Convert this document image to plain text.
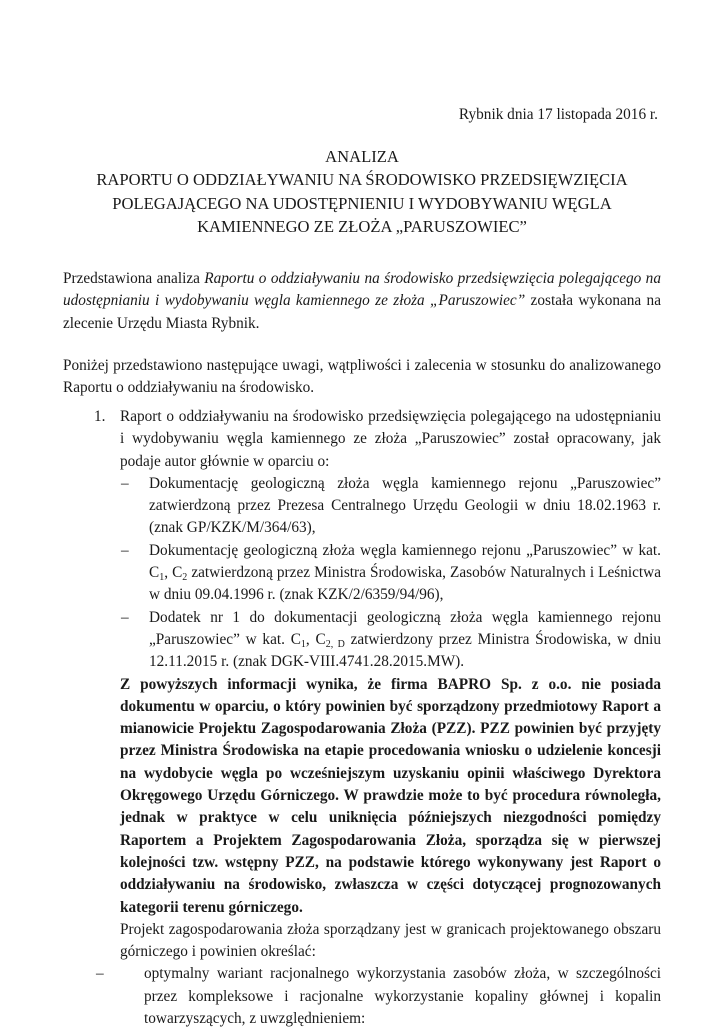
Rybnik dnia 17 listopada 2016 r.
ANALIZA
RAPORTU O ODDZIAŁYWANIU NA ŚRODOWISKO PRZEDSIĘWZIĘCIA
POLEGAJĄCEGO NA UDOSTĘPNIENIU I WYDOBYWANIU WĘGLA
KAMIENNEGO ZE ZŁOŻA „PARUSZOWIEC”
Przedstawiona analiza Raportu o oddziaływaniu na środowisko przedsięwzięcia polegającego na udostępnianiu i wydobywaniu węgla kamiennego ze złoża „Paruszowiec” została wykonana na zlecenie Urzędu Miasta Rybnik.
Poniżej przedstawiono następujące uwagi, wątpliwości i zalecenia w stosunku do analizowanego Raportu o oddziaływaniu na środowisko.
1. Raport o oddziaływaniu na środowisko przedsięwzięcia polegającego na udostępnianiu i wydobywaniu węgla kamiennego ze złoża „Paruszowiec” został opracowany, jak podaje autor głównie w oparciu o:
– Dokumentację geologiczną złoża węgla kamiennego rejonu „Paruszowiec” zatwierdzoną przez Prezesa Centralnego Urzędu Geologii w dniu 18.02.1963 r. (znak GP/KZK/M/364/63),
– Dokumentację geologiczną złoża węgla kamiennego rejonu „Paruszowiec” w kat. $C_1$, $C_2$ zatwierdzoną przez Ministra Środowiska, Zasobów Naturalnych i Leśnictwa w dniu 09.04.1996 r. (znak KZK/2/6359/94/96),
– Dodatek nr 1 do dokumentacji geologiczną złoża węgla kamiennego rejonu „Paruszowiec” w kat. $C_1$, $C_{2, D}$ zatwierdzony przez Ministra Środowiska, w dniu 12.11.2015 r. (znak DGK-VIII.4741.28.2015.MW).
Z powyższych informacji wynika, że firma BAPRO Sp. z o.o. nie posiada dokumentu w oparciu, o który powinien być sporządzony przedmiotowy Raport a mianowicie Projektu Zagospodarowania Złoża (PZZ). PZZ powinien być przyjęty przez Ministra Środowiska na etapie procedowania wniosku o udzielenie koncesji na wydobycie węgla po wcześniejszym uzyskaniu opinii właściwego Dyrektora Okręgowego Urzędu Górniczego. W prawdzie może to być procedura równoległa, jednak w praktyce w celu uniknięcia późniejszych niezgodności pomiędzy Raportem a Projektem Zagospodarowania Złoża, sporządza się w pierwszej kolejności tzw. wstępny PZZ, na podstawie którego wykonywany jest Raport o oddziaływaniu na środowisko, zwłaszcza w części dotyczącej prognozowanych kategorii terenu górniczego.
Projekt zagospodarowania złoża sporządzany jest w granicach projektowanego obszaru górniczego i powinien określać:
–	optymalny wariant racjonalnego wykorzystania zasobów złoża, w szczególności przez kompleksowe i racjonalne wykorzystanie kopaliny głównej i kopalin towarzyszących, z uwzględnieniem:
